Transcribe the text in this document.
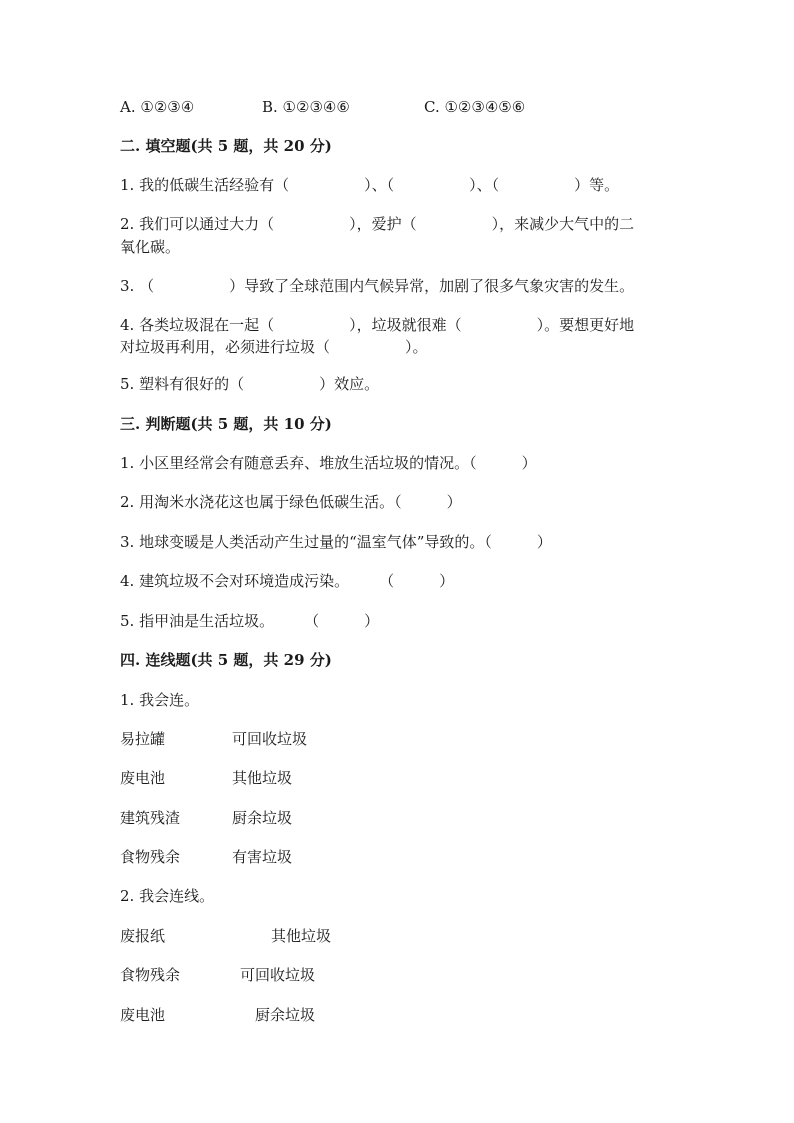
A. ①②③④	B. ①②③④⑥	C. ①②③④⑤⑥
二. 填空题(共 5 题，共 20 分)
1. 我的低碳生活经验有（　　　　　）、（　　　　　）、（　　　　　）等。
2. 我们可以通过大力（　　　　　），爱护（　　　　　），来减少大气中的二
氧化碳。
3. （　　　　　）导致了全球范围内气候异常，加剧了很多气象灾害的发生。
4. 各类垃圾混在一起（　　　　　），垃圾就很难（　　　　　）。要想更好地
对垃圾再利用，必须进行垃圾（　　　　　）。
5. 塑料有很好的（　　　　　）效应。
三. 判断题(共 5 题，共 10 分)
1. 小区里经常会有随意丢弃、堆放生活垃圾的情况。（　　　）
2. 用淘米水浇花这也属于绿色低碳生活。（　　　）
3. 地球变暖是人类活动产生过量的“温室气体”导致的。（　　　）
4. 建筑垃圾不会对环境造成污染。　　　（　　　）
5. 指甲油是生活垃圾。　　　（　　　）
四. 连线题(共 5 题，共 29 分)
1. 我会连。
易拉罐	可回收垃圾
废电池	其他垃圾
建筑残渣	厨余垃圾
食物残余	有害垃圾
2. 我会连线。
废报纸	其他垃圾
食物残余	可回收垃圾
废电池	厨余垃圾
